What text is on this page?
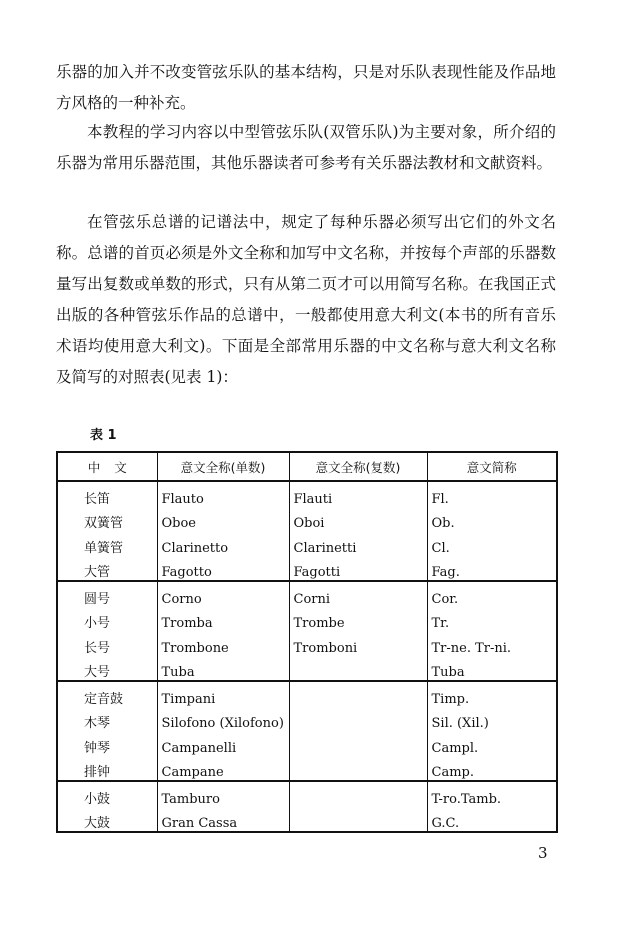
乐器的加入并不改变管弦乐队的基本结构，只是对乐队表现性能及作品地方风格的一种补充。

本教程的学习内容以中型管弦乐队(双管乐队)为主要对象，所介绍的乐器为常用乐器范围，其他乐器读者可参考有关乐器法教材和文献资料。

在管弦乐总谱的记谱法中，规定了每种乐器必须写出它们的外文名称。总谱的首页必须是外文全称和加写中文名称，并按每个声部的乐器数量写出复数或单数的形式，只有从第二页才可以用简写名称。在我国正式出版的各种管弦乐作品的总谱中，一般都使用意大利文(本书的所有音乐术语均使用意大利文)。下面是全部常用乐器的中文名称与意大利文名称及简写的对照表(见表 1)：

表 1
中文	意文全称(单数)	意文全称(复数)	意文简称
长笛	Flauto	Flauti	Fl.
双簧管	Oboe	Oboi	Ob.
单簧管	Clarinetto	Clarinetti	Cl.
大管	Fagotto	Fagotti	Fag.
圆号	Corno	Corni	Cor.
小号	Tromba	Trombe	Tr.
长号	Trombone	Tromboni	Tr-ne. Tr-ni.
大号	Tuba		Tuba
定音鼓	Timpani		Timp.
木琴	Silofono (Xilofono)		Sil. (Xil.)
钟琴	Campanelli		Campl.
排钟	Campane		Camp.
小鼓	Tamburo		T-ro.Tamb.
大鼓	Gran Cassa		G.C.
3
